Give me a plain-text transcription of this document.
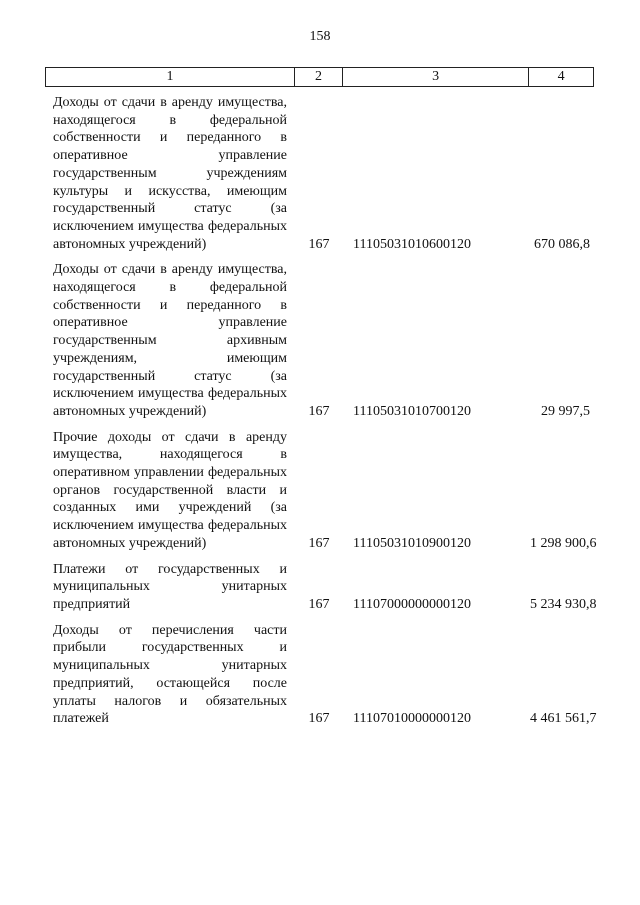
158
1	2	3	4
Доходы от сдачи в аренду имущества, находящегося в федеральной собственности и переданного в оперативное управление государственным учреждениям культуры и искусства, имеющим государственный статус (за исключением имущества федеральных автономных учреждений)	167	11105031010600120	670 086,8
Доходы от сдачи в аренду имущества, находящегося в федеральной собственности и переданного в оперативное управление государственным архивным учреждениям, имеющим государственный статус (за исключением имущества федеральных автономных учреждений)	167	11105031010700120	29 997,5
Прочие доходы от сдачи в аренду имущества, находящегося в оперативном управлении федеральных органов государственной власти и созданных ими учреждений (за исключением имущества федеральных автономных учреждений)	167	11105031010900120	1 298 900,6
Платежи от государственных и муниципальных унитарных предприятий	167	11107000000000120	5 234 930,8
Доходы от перечисления части прибыли государственных и муниципальных унитарных предприятий, остающейся после уплаты налогов и обязательных платежей	167	11107010000000120	4 461 561,7
